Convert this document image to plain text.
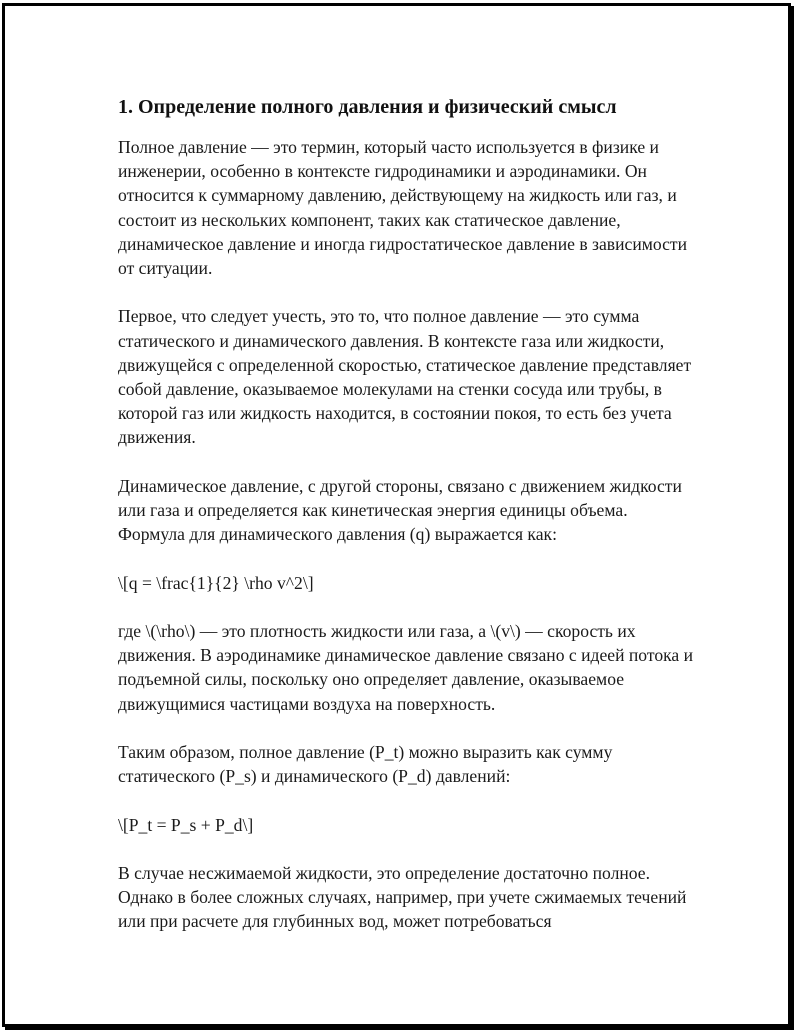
1. Определение полного давления и физический смысл

Полное давление — это термин, который часто используется в физике и инженерии, особенно в контексте гидродинамики и аэродинамики. Он относится к суммарному давлению, действующему на жидкость или газ, и состоит из нескольких компонент, таких как статическое давление, динамическое давление и иногда гидростатическое давление в зависимости от ситуации.

Первое, что следует учесть, это то, что полное давление — это сумма статического и динамического давления. В контексте газа или жидкости, движущейся с определенной скоростью, статическое давление представляет собой давление, оказываемое молекулами на стенки сосуда или трубы, в которой газ или жидкость находится, в состоянии покоя, то есть без учета движения.

Динамическое давление, с другой стороны, связано с движением жидкости или газа и определяется как кинетическая энергия единицы объема. Формула для динамического давления (q) выражается как:

\[q = \frac{1}{2} \rho v^2\]

где \(\rho\) — это плотность жидкости или газа, а \(v\) — скорость их движения. В аэродинамике динамическое давление связано с идеей потока и подъемной силы, поскольку оно определяет давление, оказываемое движущимися частицами воздуха на поверхность.

Таким образом, полное давление (P_t) можно выразить как сумму статического (P_s) и динамического (P_d) давлений:

\[P_t = P_s + P_d\]

В случае несжимаемой жидкости, это определение достаточно полное. Однако в более сложных случаях, например, при учете сжимаемых течений или при расчете для глубинных вод, может потребоваться
